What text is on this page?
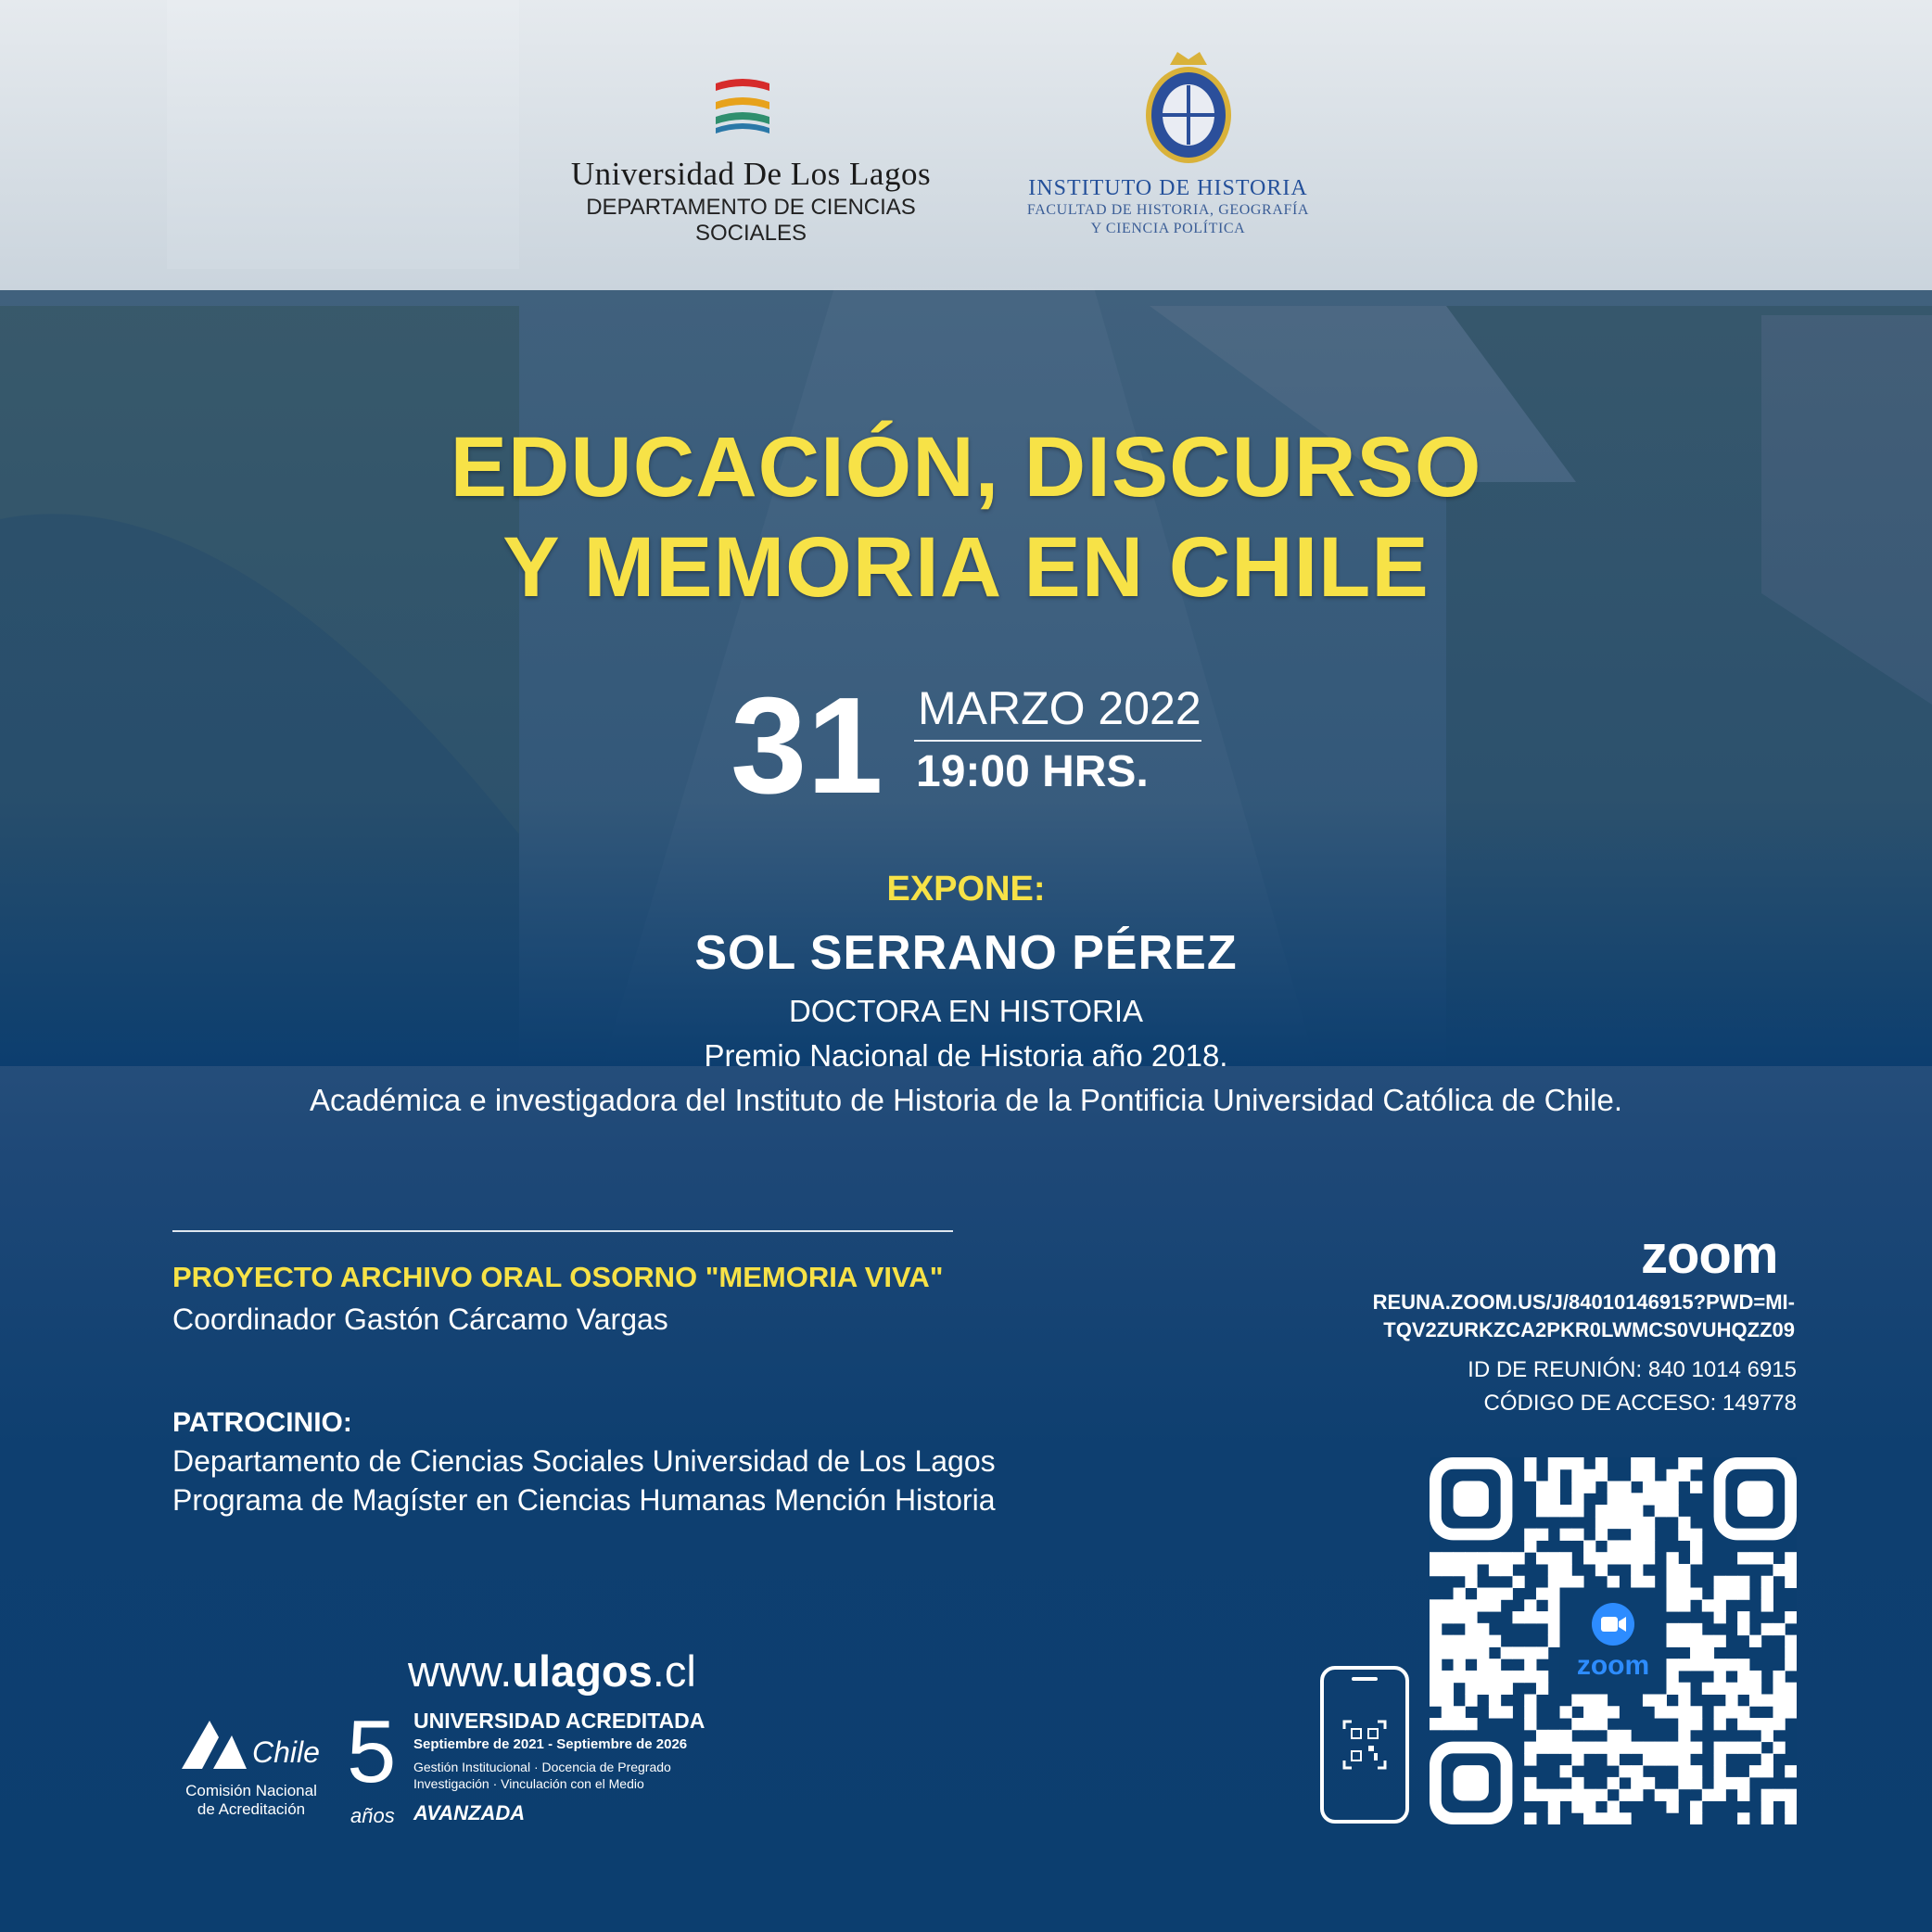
Universidad De Los Lagos
DEPARTAMENTO DE CIENCIAS SOCIALES
INSTITUTO DE HISTORIA
FACULTAD DE HISTORIA, GEOGRAFÍA
Y CIENCIA POLÍTICA
EDUCACIÓN, DISCURSO
Y MEMORIA EN CHILE
31 MARZO 2022
19:00 HRS.
EXPONE:
SOL SERRANO PÉREZ
DOCTORA EN HISTORIA
Premio Nacional de Historia año 2018.
Académica e investigadora del Instituto de Historia de la Pontificia Universidad Católica de Chile.
PROYECTO ARCHIVO ORAL OSORNO "MEMORIA VIVA"
Coordinador Gastón Cárcamo Vargas
PATROCINIO:
Departamento de Ciencias Sociales Universidad de Los Lagos
Programa de Magíster en Ciencias Humanas Mención Historia
www.ulagos.cl
Chile
Comisión Nacional
de Acreditación
5
años
UNIVERSIDAD ACREDITADA
Septiembre de 2021 - Septiembre de 2026
Gestión Institucional · Docencia de Pregrado
Investigación · Vinculación con el Medio
AVANZADA
zoom
REUNA.ZOOM.US/J/84010146915?PWD=MI-
TQV2ZURKZCA2PKR0LWMCS0VUHQZZ09
ID DE REUNIÓN: 840 1014 6915
CÓDIGO DE ACCESO: 149778
zoom
